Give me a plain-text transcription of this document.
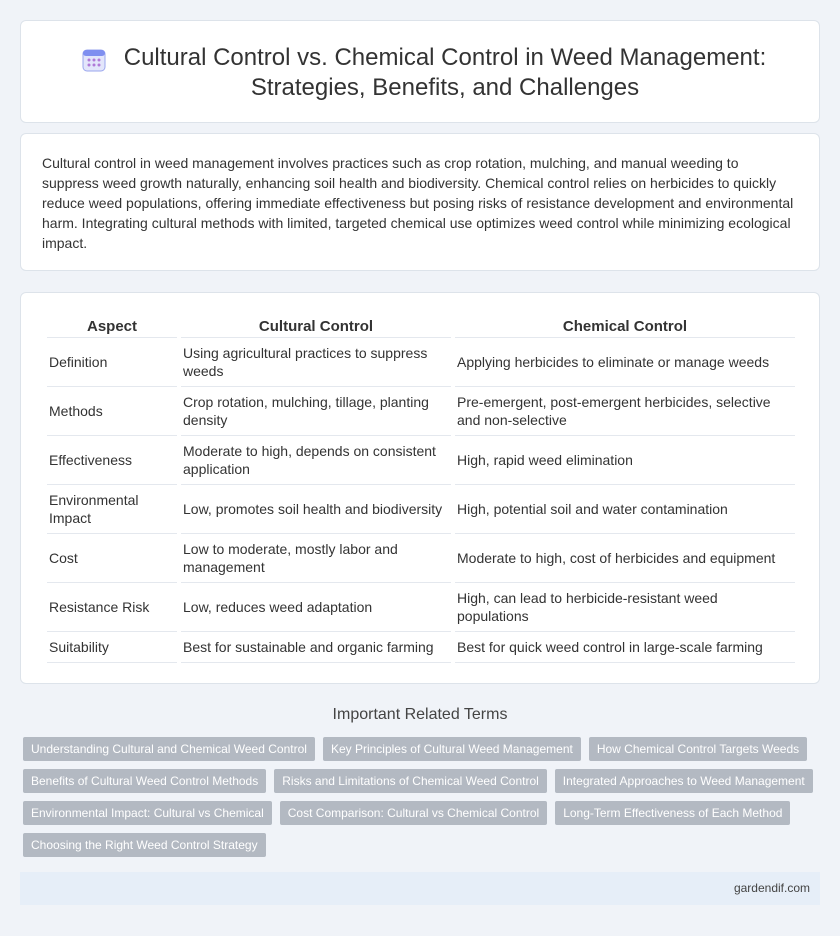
Cultural Control vs. Chemical Control in Weed Management: Strategies, Benefits, and Challenges

Cultural control in weed management involves practices such as crop rotation, mulching, and manual weeding to suppress weed growth naturally, enhancing soil health and biodiversity. Chemical control relies on herbicides to quickly reduce weed populations, offering immediate effectiveness but posing risks of resistance development and environmental harm. Integrating cultural methods with limited, targeted chemical use optimizes weed control while minimizing ecological impact.

Aspect	Cultural Control	Chemical Control
Definition	Using agricultural practices to suppress weeds	Applying herbicides to eliminate or manage weeds
Methods	Crop rotation, mulching, tillage, planting density	Pre-emergent, post-emergent herbicides, selective and non-selective
Effectiveness	Moderate to high, depends on consistent application	High, rapid weed elimination
Environmental Impact	Low, promotes soil health and biodiversity	High, potential soil and water contamination
Cost	Low to moderate, mostly labor and management	Moderate to high, cost of herbicides and equipment
Resistance Risk	Low, reduces weed adaptation	High, can lead to herbicide-resistant weed populations
Suitability	Best for sustainable and organic farming	Best for quick weed control in large-scale farming
Important Related Terms
Understanding Cultural and Chemical Weed Control	Key Principles of Cultural Weed Management	How Chemical Control Targets Weeds
Benefits of Cultural Weed Control Methods	Risks and Limitations of Chemical Weed Control	Integrated Approaches to Weed Management
Environmental Impact: Cultural vs Chemical	Cost Comparison: Cultural vs Chemical Control	Long-Term Effectiveness of Each Method
Choosing the Right Weed Control Strategy
gardendif.com
